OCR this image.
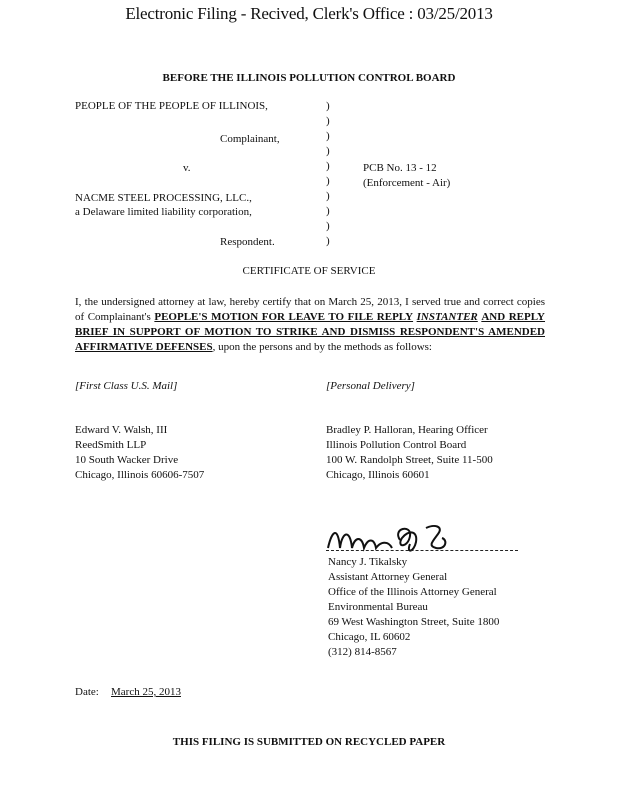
Electronic Filing - Recived, Clerk's Office : 03/25/2013
BEFORE THE ILLINOIS POLLUTION CONTROL BOARD
PEOPLE OF THE PEOPLE OF ILLINOIS,
Complainant,
v.	PCB No. 13 - 12
(Enforcement - Air)
NACME STEEL PROCESSING, LLC.,
a Delaware limited liability corporation,
Respondent.
)
)
)
)
)
)
)
)
)
)
CERTIFICATE OF SERVICE
I, the undersigned attorney at law, hereby certify that on March 25, 2013, I served true and correct copies of Complainant's PEOPLE'S MOTION FOR LEAVE TO FILE REPLY INSTANTER AND REPLY BRIEF IN SUPPORT OF MOTION TO STRIKE AND DISMISS RESPONDENT'S AMENDED AFFIRMATIVE DEFENSES, upon the persons and by the methods as follows:
[First Class U.S. Mail]	[Personal Delivery]
Edward V. Walsh, III
ReedSmith LLP
10 South Wacker Drive
Chicago, Illinois 60606-7507
Bradley P. Halloran, Hearing Officer
Illinois Pollution Control Board
100 W. Randolph Street, Suite 11-500
Chicago, Illinois 60601
Nancy J. Tikalsky
Assistant Attorney General
Office of the Illinois Attorney General
Environmental Bureau
69 West Washington Street, Suite 1800
Chicago, IL 60602
(312) 814-8567
Date: March 25, 2013
THIS FILING IS SUBMITTED ON RECYCLED PAPER
